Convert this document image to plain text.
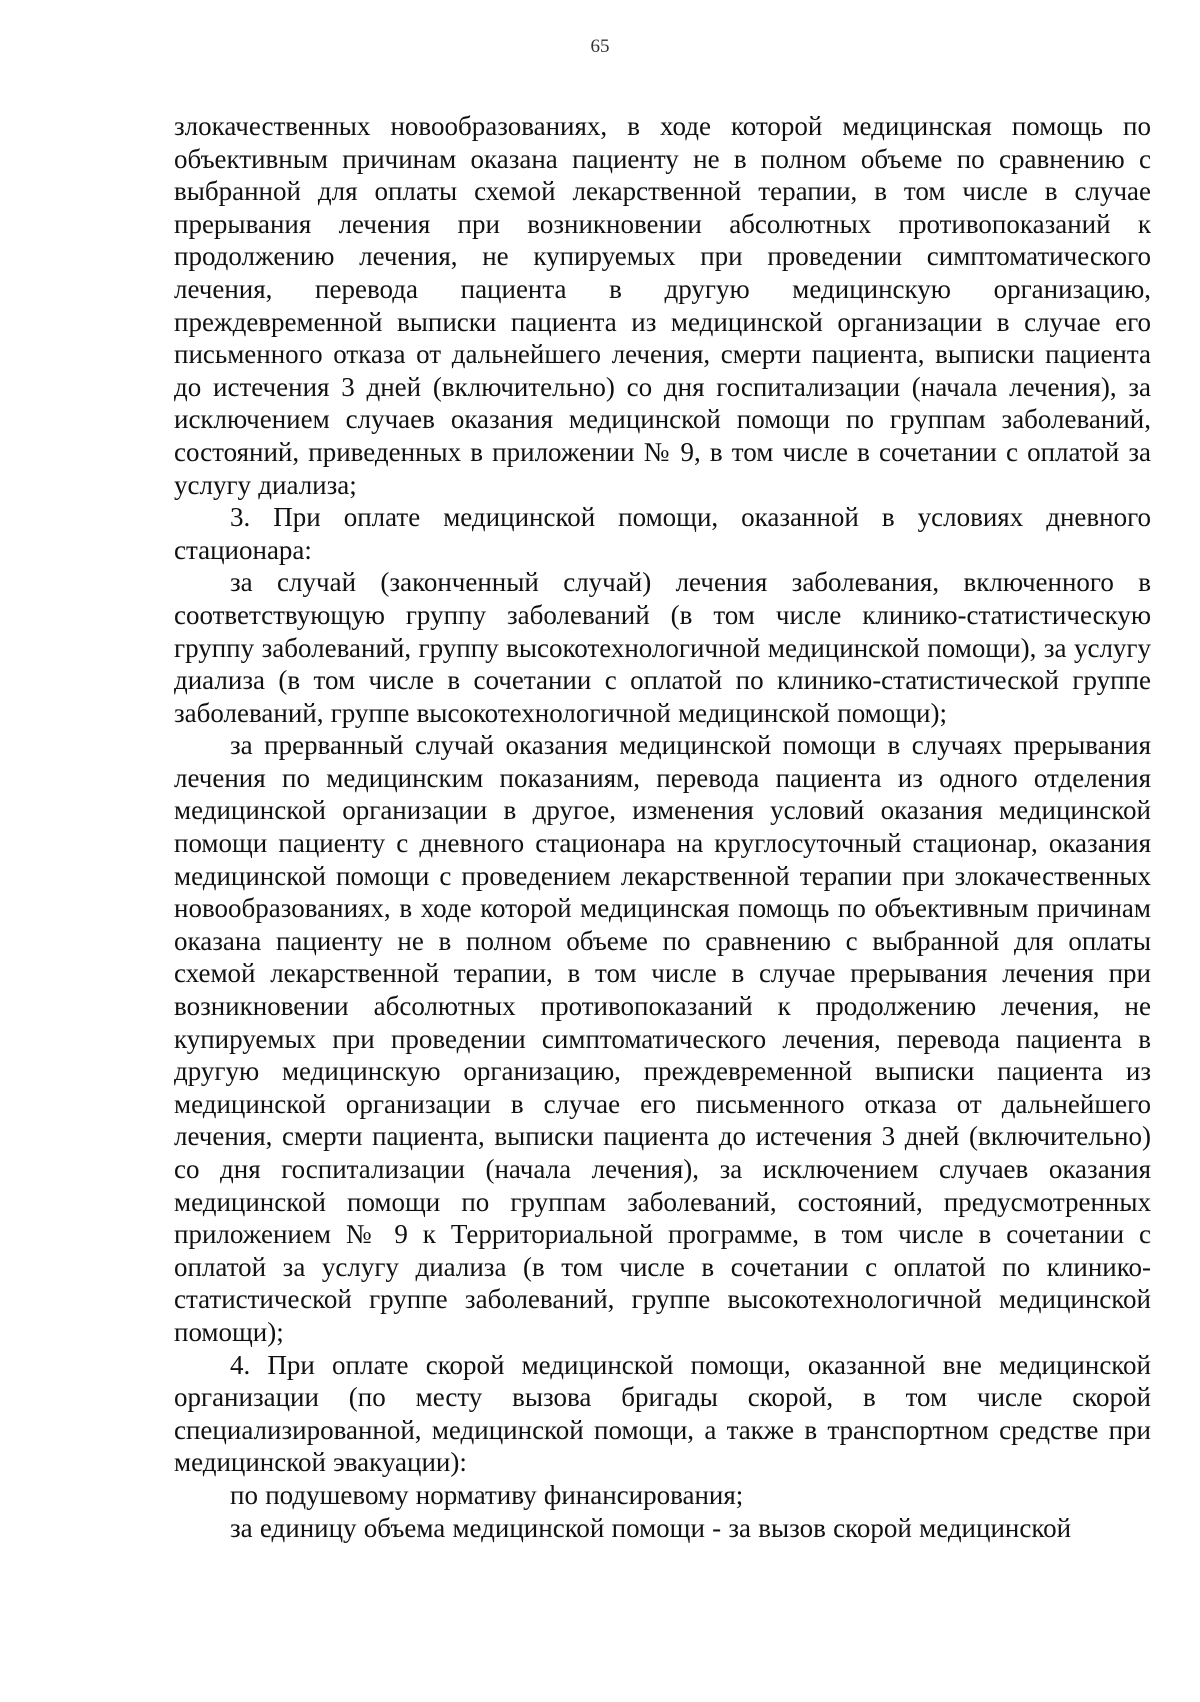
65

злокачественных новообразованиях, в ходе которой медицинская помощь по объективным причинам оказана пациенту не в полном объеме по сравнению с выбранной для оплаты схемой лекарственной терапии, в том числе в случае прерывания лечения при возникновении абсолютных противопоказаний к продолжению лечения, не купируемых при проведении симптоматического лечения, перевода пациента в другую медицинскую организацию, преждевременной выписки пациента из медицинской организации в случае его письменного отказа от дальнейшего лечения, смерти пациента, выписки пациента до истечения 3 дней (включительно) со дня госпитализации (начала лечения), за исключением случаев оказания медицинской помощи по группам заболеваний, состояний, приведенных в приложении № 9, в том числе в сочетании с оплатой за услугу диализа;

3. При оплате медицинской помощи, оказанной в условиях дневного стационара:

за случай (законченный случай) лечения заболевания, включенного в соответствующую группу заболеваний (в том числе клинико-статистическую группу заболеваний, группу высокотехнологичной медицинской помощи), за услугу диализа (в том числе в сочетании с оплатой по клинико-статистической группе заболеваний, группе высокотехнологичной медицинской помощи);

за прерванный случай оказания медицинской помощи в случаях прерывания лечения по медицинским показаниям, перевода пациента из одного отделения медицинской организации в другое, изменения условий оказания медицинской помощи пациенту с дневного стационара на круглосуточный стационар, оказания медицинской помощи с проведением лекарственной терапии при злокачественных новообразованиях, в ходе которой медицинская помощь по объективным причинам оказана пациенту не в полном объеме по сравнению с выбранной для оплаты схемой лекарственной терапии, в том числе в случае прерывания лечения при возникновении абсолютных противопоказаний к продолжению лечения, не купируемых при проведении симптоматического лечения, перевода пациента в другую медицинскую организацию, преждевременной выписки пациента из медицинской организации в случае его письменного отказа от дальнейшего лечения, смерти пациента, выписки пациента до истечения 3 дней (включительно) со дня госпитализации (начала лечения), за исключением случаев оказания медицинской помощи по группам заболеваний, состояний, предусмотренных приложением № 9 к Территориальной программе, в том числе в сочетании с оплатой за услугу диализа (в том числе в сочетании с оплатой по клинико-статистической группе заболеваний, группе высокотехнологичной медицинской помощи);

4. При оплате скорой медицинской помощи, оказанной вне медицинской организации (по месту вызова бригады скорой, в том числе скорой специализированной, медицинской помощи, а также в транспортном средстве при медицинской эвакуации):

по подушевому нормативу финансирования;

за единицу объема медицинской помощи - за вызов скорой медицинской
